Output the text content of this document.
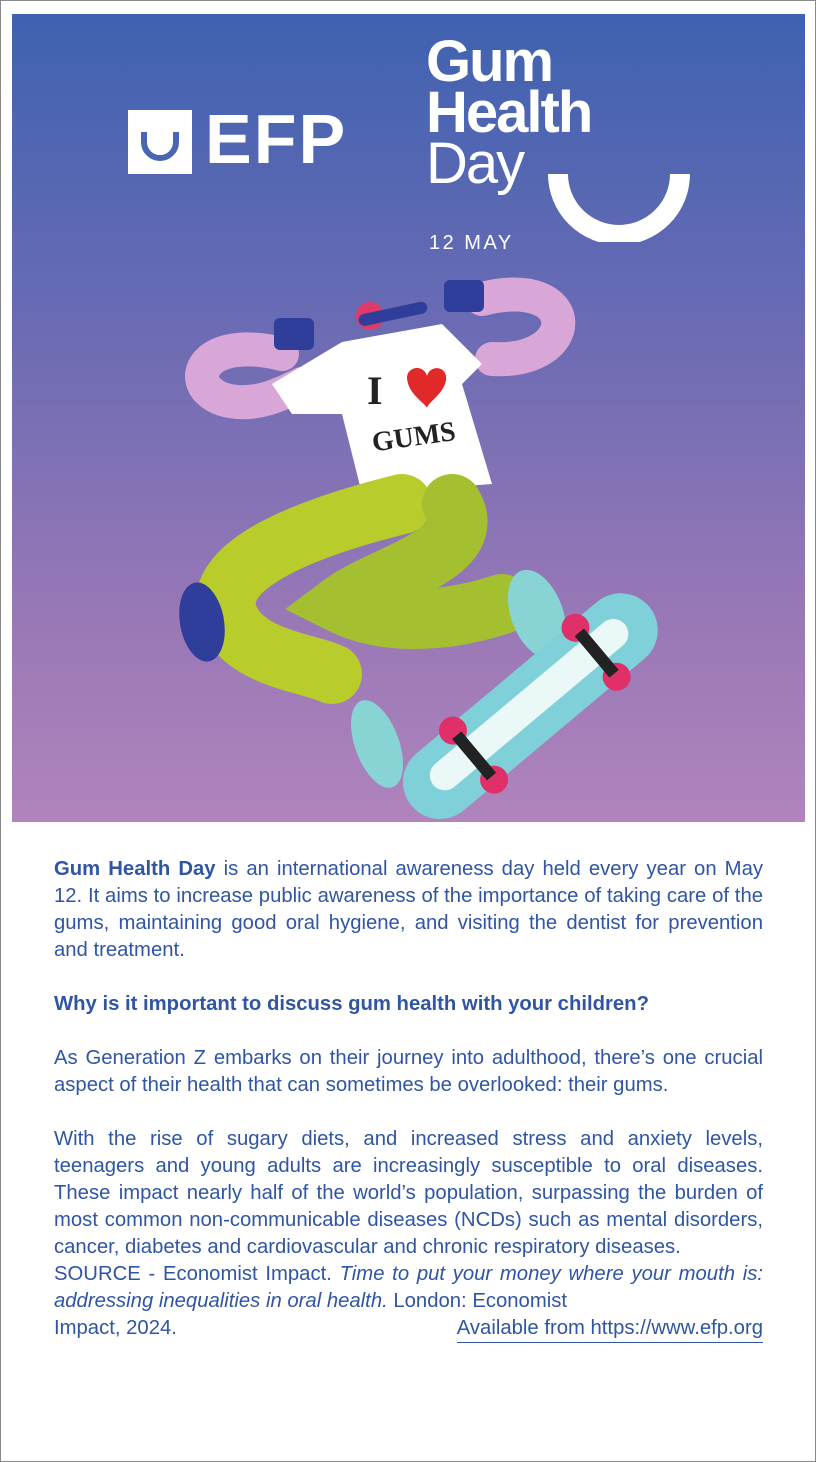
EFP
Gum
Health
Day
12 MAY
I
GUMS

Gum Health Day is an international awareness day held every year on May 12. It aims to increase public awareness of the importance of taking care of the gums, maintaining good oral hygiene, and visiting the dentist for prevention and treatment.

Why is it important to discuss gum health with your children?

As Generation Z embarks on their journey into adulthood, there’s one crucial aspect of their health that can sometimes be overlooked: their gums.

With the rise of sugary diets, and increased stress and anxiety levels, teenagers and young adults are increasingly susceptible to oral diseases. These impact nearly half of the world’s population, surpassing the burden of most common non-communicable diseases (NCDs) such as mental disorders, cancer, diabetes and cardiovascular and chronic respiratory diseases.

SOURCE - Economist Impact. Time to put your money where your mouth is: addressing inequalities in oral health. London: Economist

Impact, 2024.	Available from https://www.efp.org
